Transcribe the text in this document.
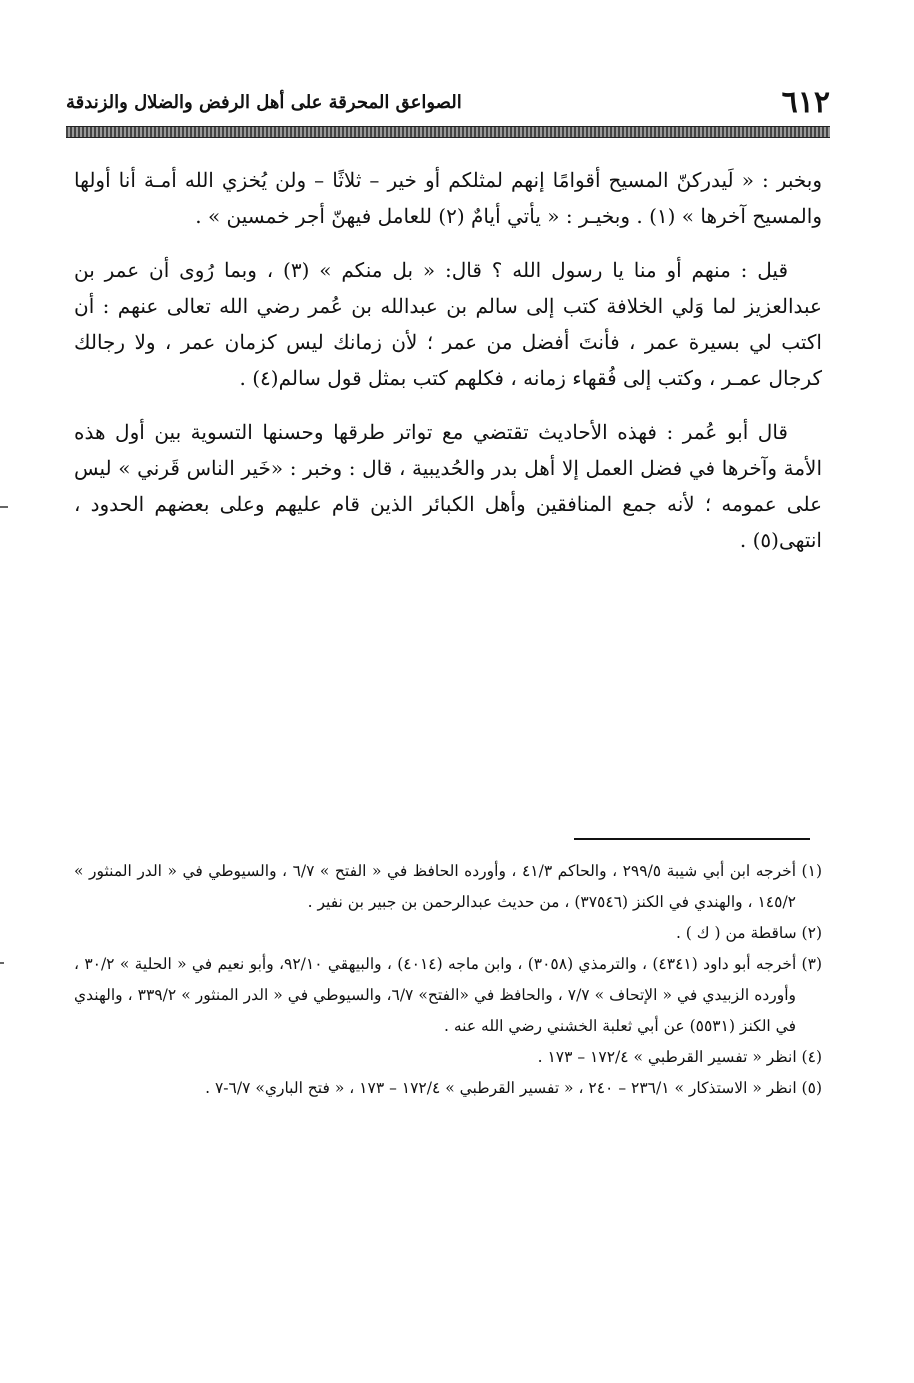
٦١٢
الصواعق المحرقة على أهل الرفض والضلال والزندقة

وبخبر : « لَيدركنّ المسيح أقوامًا إنهم لمثلكم أو خير – ثلاثًا – ولن يُخزي الله أمـة أنا أولها والمسيح آخرها » (١) . وبخيـر : « يأتي أيامٌ (٢) للعامل فيهنّ أجر خمسين » .

قيل : منهم أو منا يا رسول الله ؟ قال: « بل منكم » (٣) ، وبما رُوى أن عمر بن عبدالعزيز لما وَلي الخلافة كتب إلى سالم بن عبدالله بن عُمر رضي الله تعالى عنهم : أن اكتب لي بسيرة عمر ، فأنتَ أفضل من عمر ؛ لأن زمانك ليس كزمان عمر ، ولا رجالك كرجال عمـر ، وكتب إلى فُقهاء زمانه ، فكلهم كتب بمثل قول سالم(٤) .

قال أبو عُمر : فهذه الأحاديث تقتضي مع تواتر طرقها وحسنها التسوية بين أول هذه الأمة وآخرها في فضل العمل إلا أهل بدر والحُديبية ، قال : وخبر : «خَير الناس قَرني » ليس على عمومه ؛ لأنه جمع المنافقين وأهل الكبائر الذين قام عليهم وعلى بعضهم الحدود ، انتهى(٥) .

(١) أخرجه ابن أبي شيبة ٢٩٩/٥ ، والحاكم ٤١/٣ ، وأورده الحافظ في « الفتح » ٦/٧ ، والسيوطي في « الدر المنثور » ١٤٥/٢ ، والهندي في الكنز (٣٧٥٤٦) ، من حديث عبدالرحمن بن جبير بن نفير .

(٢) ساقطة من ( ك ) .

(٣) أخرجه أبو داود (٤٣٤١) ، والترمذي (٣٠٥٨) ، وابن ماجه (٤٠١٤) ، والبيهقي ٩٢/١٠، وأبو نعيم في « الحلية » ٣٠/٢ ، وأورده الزبيدي في « الإتحاف » ٧/٧ ، والحافظ في «الفتح» ٦/٧، والسيوطي في « الدر المنثور » ٣٣٩/٢ ، والهندي في الكنز (٥٥٣١) عن أبي ثعلبة الخشني رضي الله عنه .

(٤) انظر « تفسير القرطبي » ١٧٢/٤ – ١٧٣ .

(٥) انظر « الاستذكار » ٢٣٦/١ – ٢٤٠ ، « تفسير القرطبي » ١٧٢/٤ – ١٧٣ ، « فتح الباري» ٦/٧-٧ .
